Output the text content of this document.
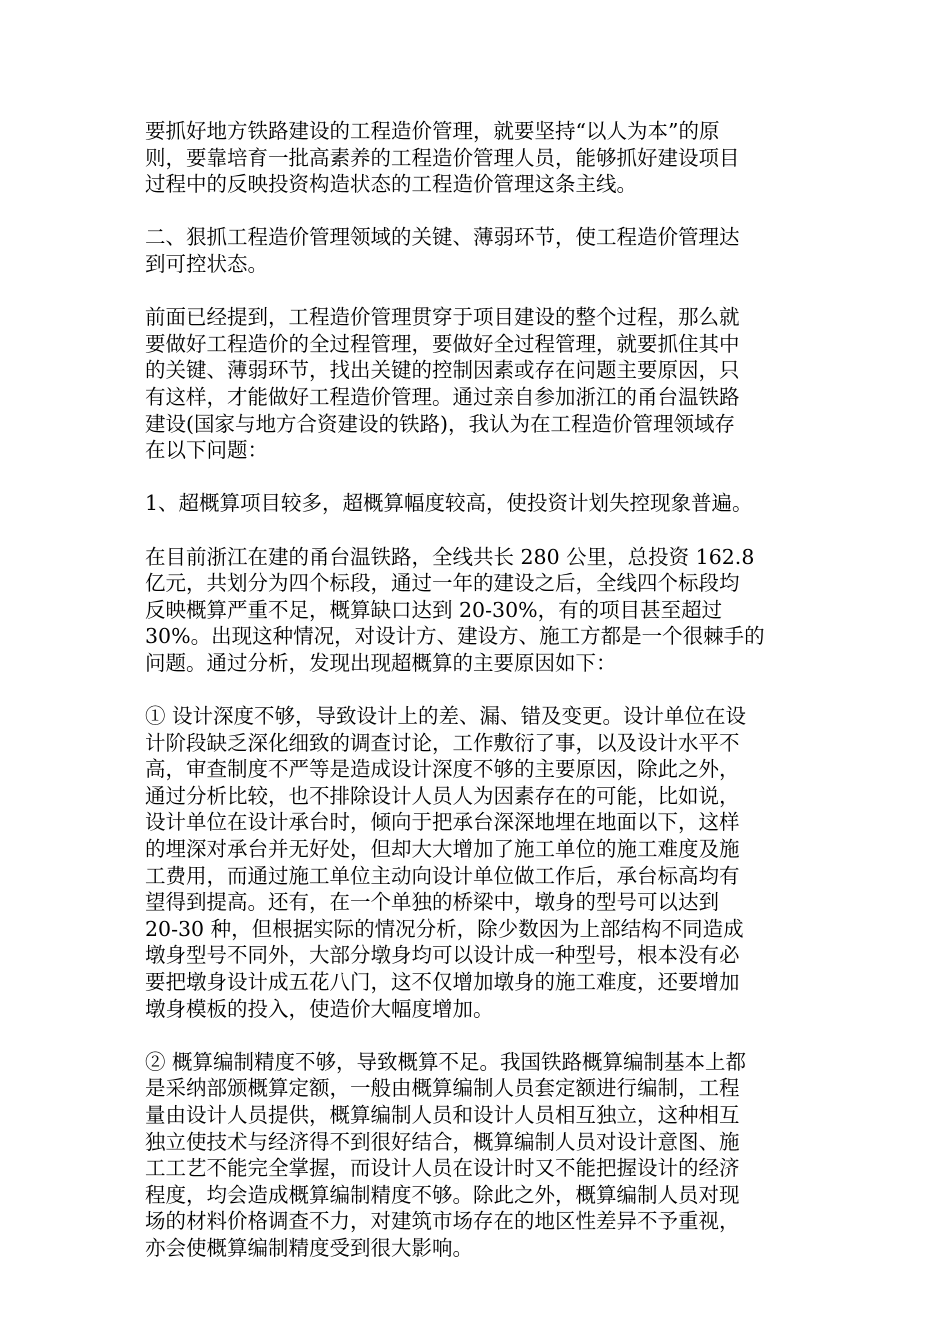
要抓好地方铁路建设的工程造价管理，就要坚持“以人为本”的原
则，要靠培育一批高素养的工程造价管理人员，能够抓好建设项目
过程中的反映投资构造状态的工程造价管理这条主线。
二、狠抓工程造价管理领域的关键、薄弱环节，使工程造价管理达
到可控状态。
前面已经提到，工程造价管理贯穿于项目建设的整个过程，那么就
要做好工程造价的全过程管理，要做好全过程管理，就要抓住其中
的关键、薄弱环节，找出关键的控制因素或存在问题主要原因，只
有这样，才能做好工程造价管理。通过亲自参加浙江的甬台温铁路
建设(国家与地方合资建设的铁路)，我认为在工程造价管理领域存
在以下问题：
1、超概算项目较多，超概算幅度较高，使投资计划失控现象普遍。
在目前浙江在建的甬台温铁路，全线共长 280 公里，总投资 162.8
亿元，共划分为四个标段，通过一年的建设之后，全线四个标段均
反映概算严重不足，概算缺口达到 20-30%，有的项目甚至超过
30%。出现这种情况，对设计方、建设方、施工方都是一个很棘手的
问题。通过分析，发现出现超概算的主要原因如下：
① 设计深度不够，导致设计上的差、漏、错及变更。设计单位在设
计阶段缺乏深化细致的调查讨论，工作敷衍了事，以及设计水平不
高，审查制度不严等是造成设计深度不够的主要原因，除此之外，
通过分析比较，也不排除设计人员人为因素存在的可能，比如说，
设计单位在设计承台时，倾向于把承台深深地埋在地面以下，这样
的埋深对承台并无好处，但却大大增加了施工单位的施工难度及施
工费用，而通过施工单位主动向设计单位做工作后，承台标高均有
望得到提高。还有，在一个单独的桥梁中，墩身的型号可以达到
20-30 种，但根据实际的情况分析，除少数因为上部结构不同造成
墩身型号不同外，大部分墩身均可以设计成一种型号，根本没有必
要把墩身设计成五花八门，这不仅增加墩身的施工难度，还要增加
墩身模板的投入，使造价大幅度增加。
② 概算编制精度不够，导致概算不足。我国铁路概算编制基本上都
是采纳部颁概算定额，一般由概算编制人员套定额进行编制，工程
量由设计人员提供，概算编制人员和设计人员相互独立，这种相互
独立使技术与经济得不到很好结合，概算编制人员对设计意图、施
工工艺不能完全掌握，而设计人员在设计时又不能把握设计的经济
程度，均会造成概算编制精度不够。除此之外，概算编制人员对现
场的材料价格调查不力，对建筑市场存在的地区性差异不予重视，
亦会使概算编制精度受到很大影响。
